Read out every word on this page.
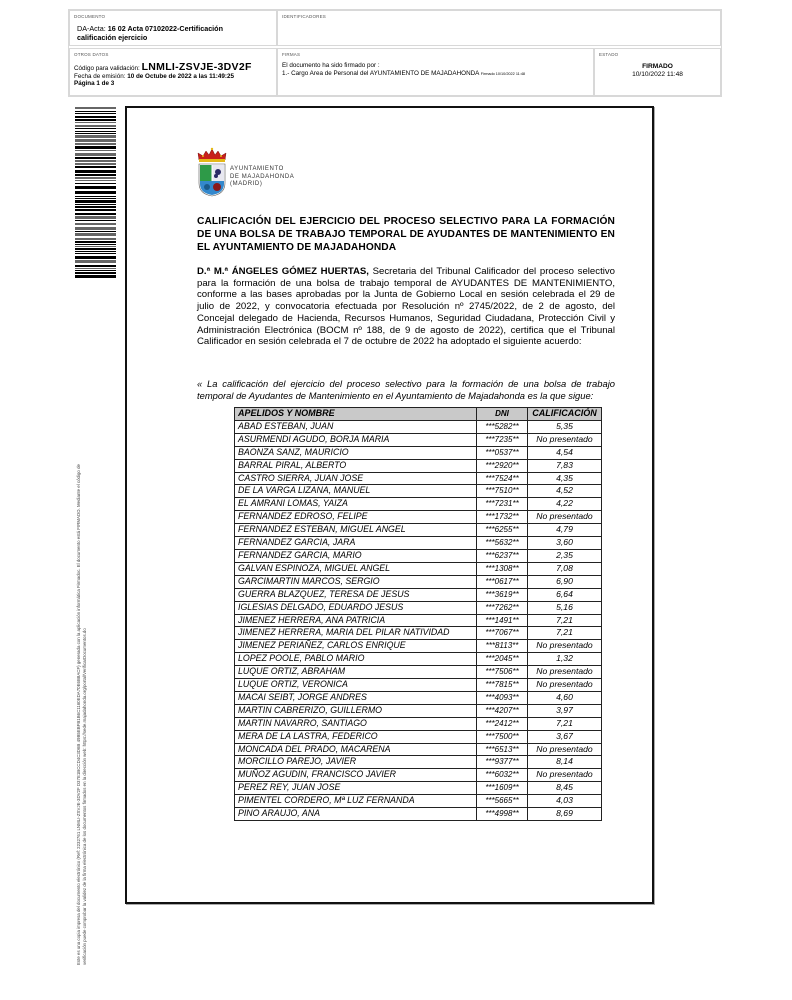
DOCUMENTO
DA-Acta: 16 02 Acta 07102022-Certificación
calificación ejercicio
IDENTIFICADORES
OTROS DATOS
Código para validación: LNMLI-ZSVJE-3DV2F
Fecha de emisión: 10 de Octube de 2022 a las 11:49:25
Página 1 de 3
FIRMAS
El documento ha sido firmado por :
1.- Cargo Area de Personal del AYUNTAMIENTO DE MAJADAHONDA Firmado 10/10/2022 11:48
ESTADO
FIRMADO
10/10/2022 11:48
Este es una copia impresa del documento electrónico (Ref: 2232761 LNMLI-ZSVJE-3DV2F D37E1BCCD4C3D6B 49B5EBFB1B6C1160EDA70E6B8ACF) generada con la aplicación informática Firmadoc. El documento está FIRMADO. Mediante el código de verificación puede comprobar la validez de la firma electrónica de los documentos firmados en la dirección web: https://sede.majadahonda.org/portal/VerificarDocumentos.do
AYUNTAMIENTO
DE MAJADAHONDA
(MADRID)
CALIFICACIÓN DEL EJERCICIO DEL PROCESO SELECTIVO PARA LA FORMACIÓN DE UNA BOLSA DE TRABAJO TEMPORAL DE AYUDANTES DE MANTENIMIENTO EN EL AYUNTAMIENTO DE MAJADAHONDA
D.ª M.ª ÁNGELES GÓMEZ HUERTAS, Secretaria del Tribunal Calificador del proceso selectivo para la formación de una bolsa de trabajo temporal de AYUDANTES DE MANTENIMIENTO, conforme a las bases aprobadas por la Junta de Gobierno Local en sesión celebrada el 29 de julio de 2022, y convocatoria efectuada por Resolución nº 2745/2022, de 2 de agosto, del Concejal delegado de Hacienda, Recursos Humanos, Seguridad Ciudadana, Protección Civil y Administración Electrónica (BOCM nº 188, de 9 de agosto de 2022), certifica que el Tribunal Calificador en sesión celebrada el 7 de octubre de 2022 ha adoptado el siguiente acuerdo:
« La calificación del ejercicio del proceso selectivo para la formación de una bolsa de trabajo temporal de Ayudantes de Mantenimiento en el Ayuntamiento de Majadahonda es la que sigue:
APELIDOS Y NOMBRE	DNI	CALIFICACIÓN
ABAD ESTEBAN, JUAN	***5282**	5,35
ASURMENDI AGUDO, BORJA MARIA	***7235**	No presentado
BAONZA SANZ, MAURICIO	***0537**	4,54
BARRAL PIRAL, ALBERTO	***2920**	7,83
CASTRO SIERRA, JUAN JOSE	***7524**	4,35
DE LA VARGA LIZANA, MANUEL	***7510**	4,52
EL AMRANI LOMAS, YAIZA	***7231**	4,22
FERNANDEZ EDROSO, FELIPE	***1732**	No presentado
FERNANDEZ ESTEBAN, MIGUEL ANGEL	***6255**	4,79
FERNANDEZ GARCIA, JARA	***5632**	3,60
FERNANDEZ GARCIA, MARIO	***6237**	2,35
GALVAN ESPINOZA, MIGUEL ANGEL	***1308**	7,08
GARCIMARTIN MARCOS, SERGIO	***0617**	6,90
GUERRA BLAZQUEZ, TERESA DE JESUS	***3619**	6,64
IGLESIAS DELGADO, EDUARDO JESUS	***7262**	5,16
JIMENEZ HERRERA, ANA PATRICIA	***1491**	7,21
JIMENEZ HERRERA, MARIA DEL PILAR NATIVIDAD	***7067**	7,21
JIMENEZ PERIAÑEZ, CARLOS ENRIQUE	***8113**	No presentado
LOPEZ POOLE, PABLO MARIO	***2045**	1,32
LUQUE ORTIZ, ABRAHAM	***7506**	No presentado
LUQUE ORTIZ, VERONICA	***7815**	No presentado
MACAI SEIBT, JORGE ANDRES	***4093**	4,60
MARTIN CABRERIZO, GUILLERMO	***4207**	3,97
MARTIN NAVARRO, SANTIAGO	***2412**	7,21
MERA DE LA LASTRA, FEDERICO	***7500**	3,67
MONCADA DEL PRADO, MACARENA	***6513**	No presentado
MORCILLO PAREJO, JAVIER	***9377**	8,14
MUÑOZ AGUDIN, FRANCISCO JAVIER	***6032**	No presentado
PEREZ REY, JUAN JOSE	***1609**	8,45
PIMENTEL CORDERO, Mª LUZ FERNANDA	***5665**	4,03
PINO ARAUJO, ANA	***4998**	8,69
